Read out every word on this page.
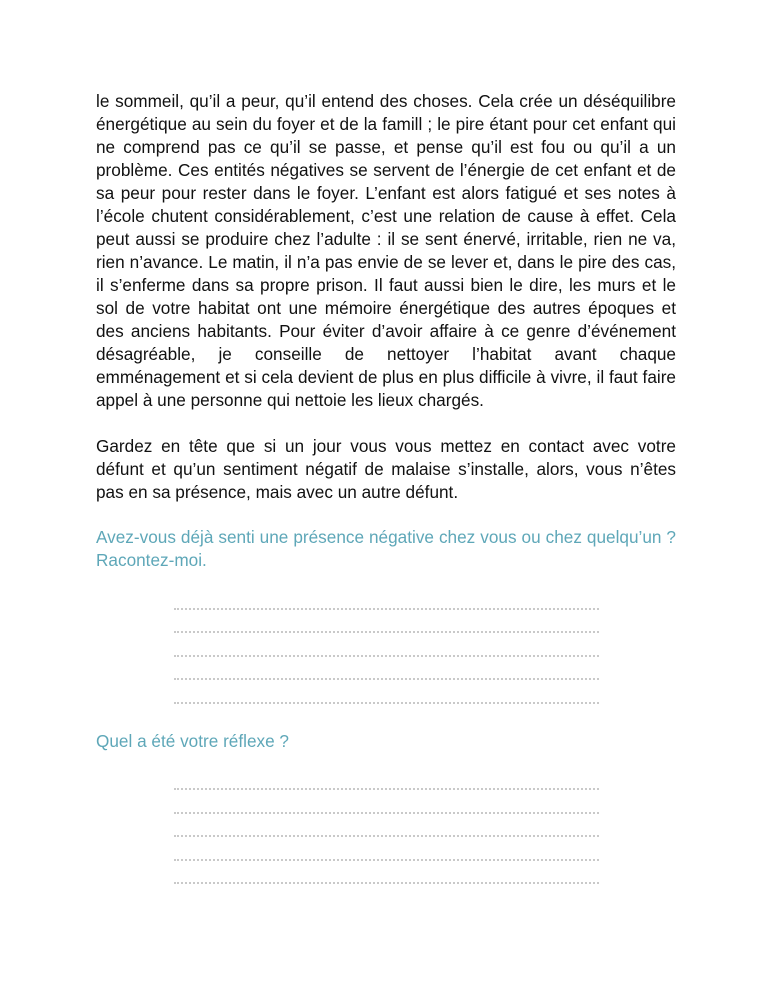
le sommeil, qu’il a peur, qu’il entend des choses. Cela crée un déséquilibre énergétique au sein du foyer et de la famill ; le pire étant pour cet enfant qui ne comprend pas ce qu’il se passe, et pense qu’il est fou ou qu’il a un problème. Ces entités négatives se servent de l’énergie de cet enfant et de sa peur pour rester dans le foyer. L’enfant est alors fatigué et ses notes à l’école chutent considérablement, c’est une relation de cause à effet. Cela peut aussi se produire chez l’adulte : il se sent énervé, irritable, rien ne va, rien n’avance. Le matin, il n’a pas envie de se lever et, dans le pire des cas, il s’enferme dans sa propre prison. Il faut aussi bien le dire, les murs et le sol de votre habitat ont une mémoire énergétique des autres époques et des anciens habitants. Pour éviter d’avoir affaire à ce genre d’événement désagréable, je conseille de nettoyer l’habitat avant chaque emménagement et si cela devient de plus en plus difficile à vivre, il faut faire appel à une personne qui nettoie les lieux chargés.

Gardez en tête que si un jour vous vous mettez en contact avec votre défunt et qu’un sentiment négatif de malaise s’installe, alors, vous n’êtes pas en sa présence, mais avec un autre défunt.

Avez-vous déjà senti une présence négative chez vous ou chez quelqu’un ? Racontez-moi.

Quel a été votre réflexe ?
